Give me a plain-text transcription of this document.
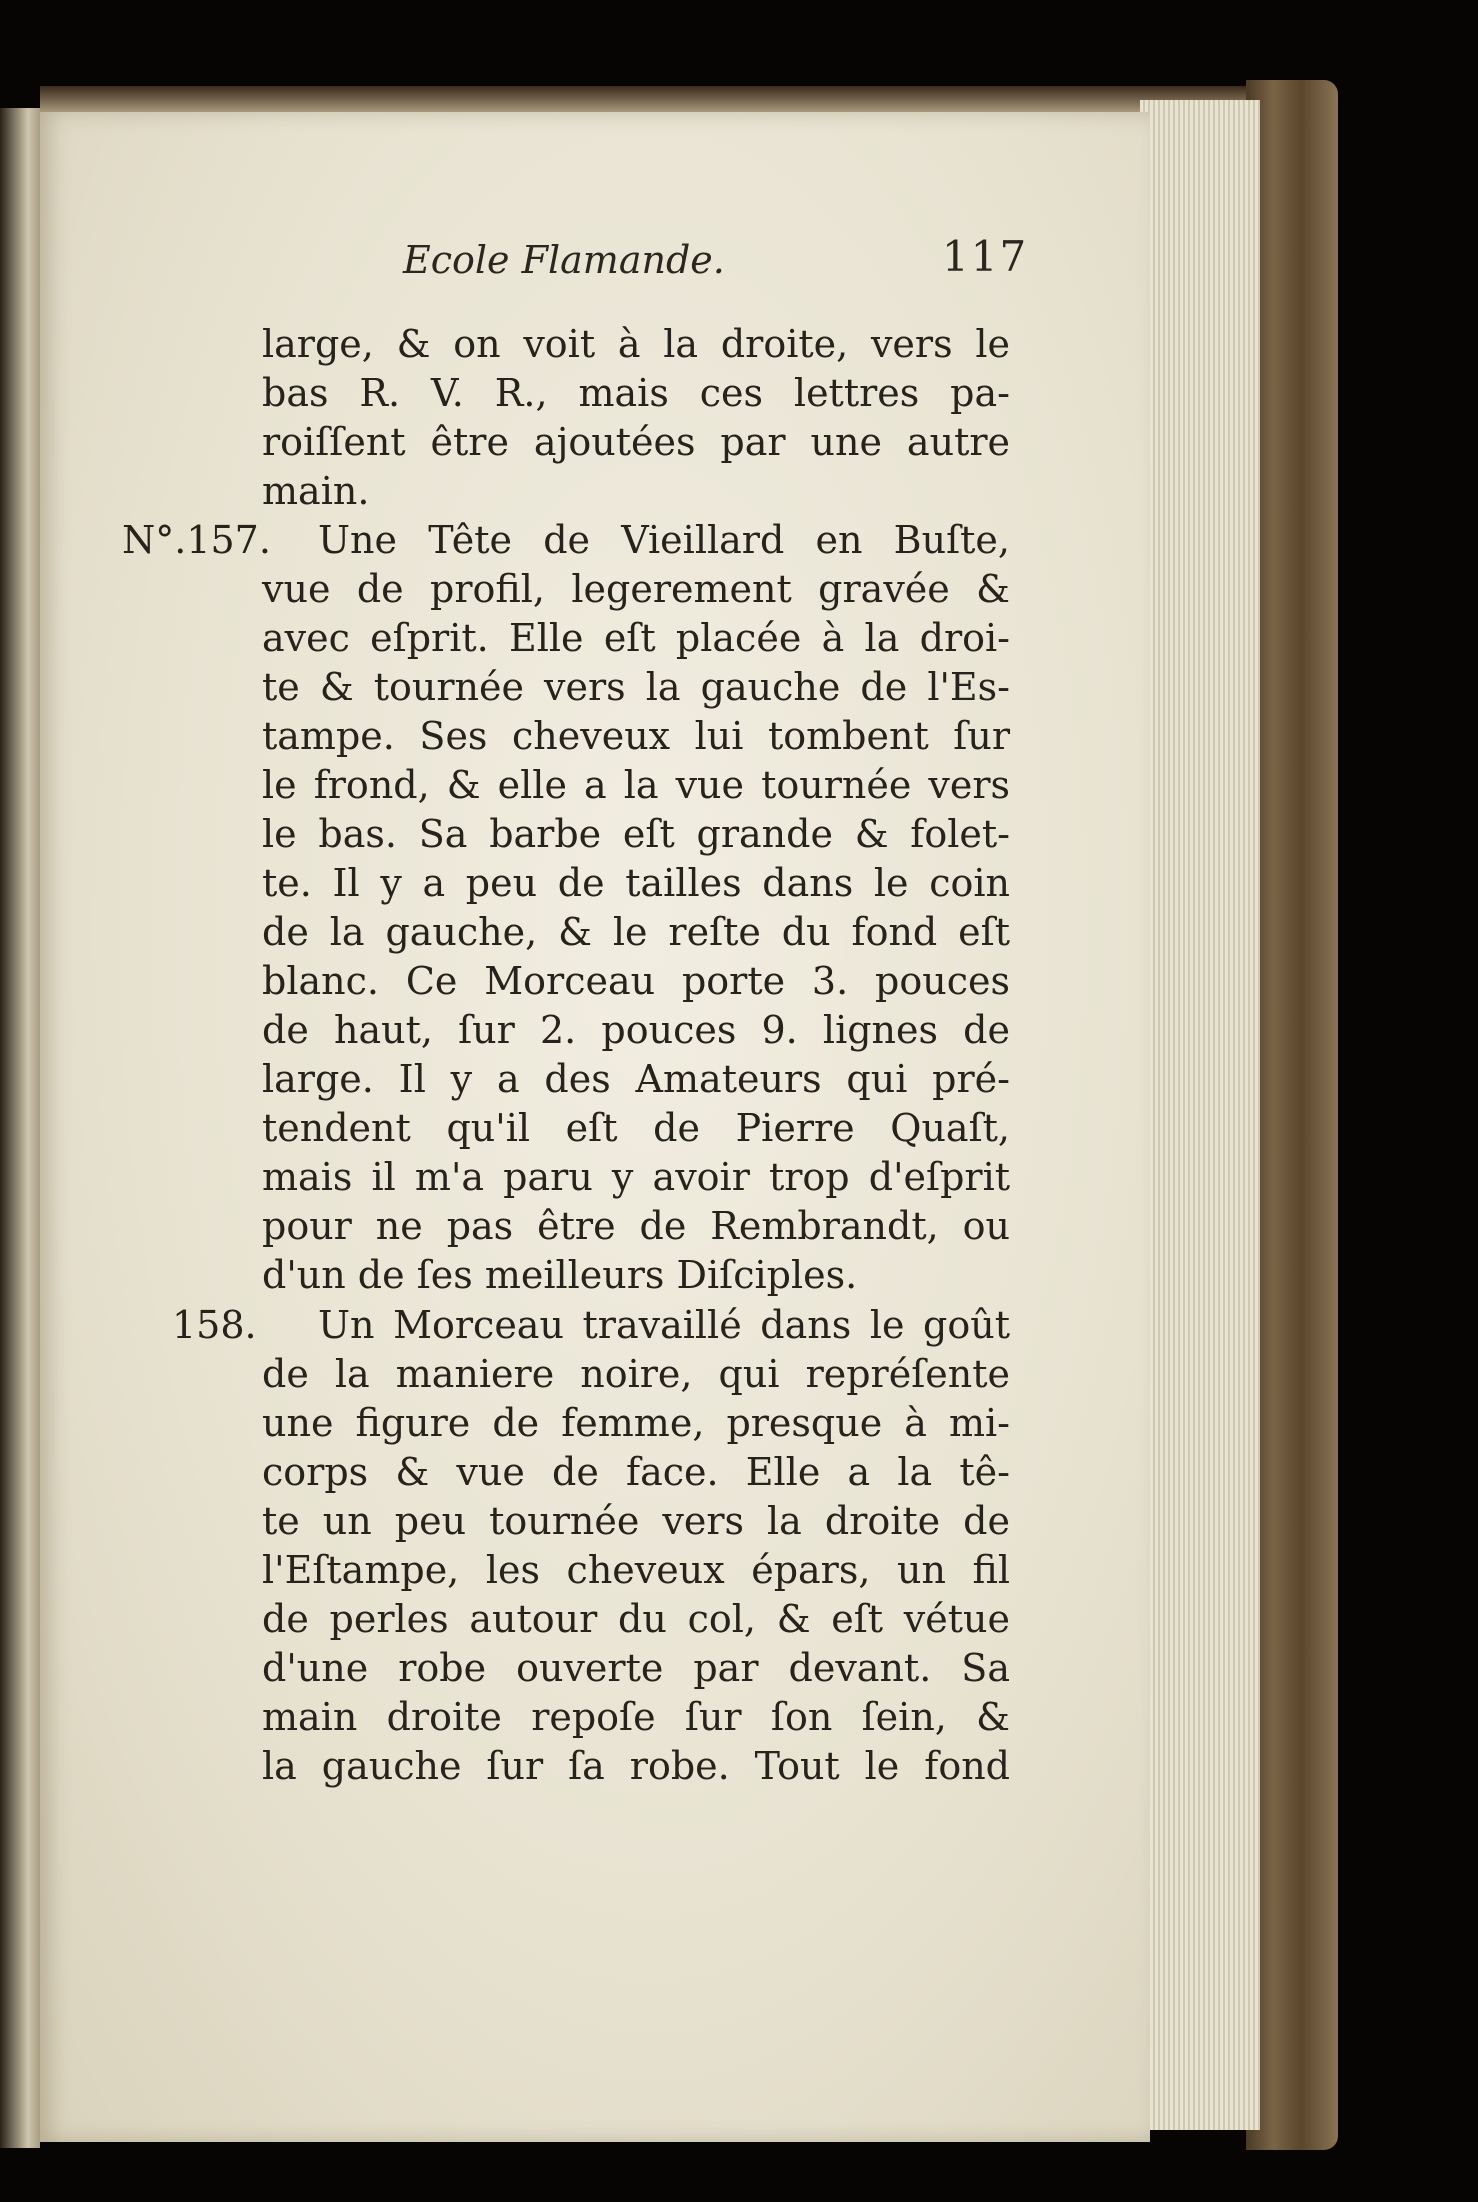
Ecole Flamande.	117
large, & on voit à la droite, vers le
bas R. V. R., mais ces lettres pa-
roiſſent être ajoutées par une autre
main.
N°.157. Une Tête de Vieillard en Buſte,
vue de profil, legerement gravée &
avec eſprit. Elle eſt placée à la droi-
te & tournée vers la gauche de l'Es-
tampe. Ses cheveux lui tombent ſur
le frond, & elle a la vue tournée vers
le bas. Sa barbe eſt grande & folet-
te. Il y a peu de tailles dans le coin
de la gauche, & le reſte du fond eſt
blanc. Ce Morceau porte 3. pouces
de haut, ſur 2. pouces 9. lignes de
large. Il y a des Amateurs qui pré-
tendent qu'il eſt de Pierre Quaſt,
mais il m'a paru y avoir trop d'eſprit
pour ne pas être de Rembrandt, ou
d'un de ſes meilleurs Diſciples.
158. Un Morceau travaillé dans le goût
de la maniere noire, qui repréſente
une figure de femme, presque à mi-
corps & vue de face. Elle a la tê-
te un peu tournée vers la droite de
l'Eſtampe, les cheveux épars, un fil
de perles autour du col, & eſt vétue
d'une robe ouverte par devant. Sa
main droite repoſe ſur ſon ſein, &
la gauche ſur ſa robe. Tout le fond
